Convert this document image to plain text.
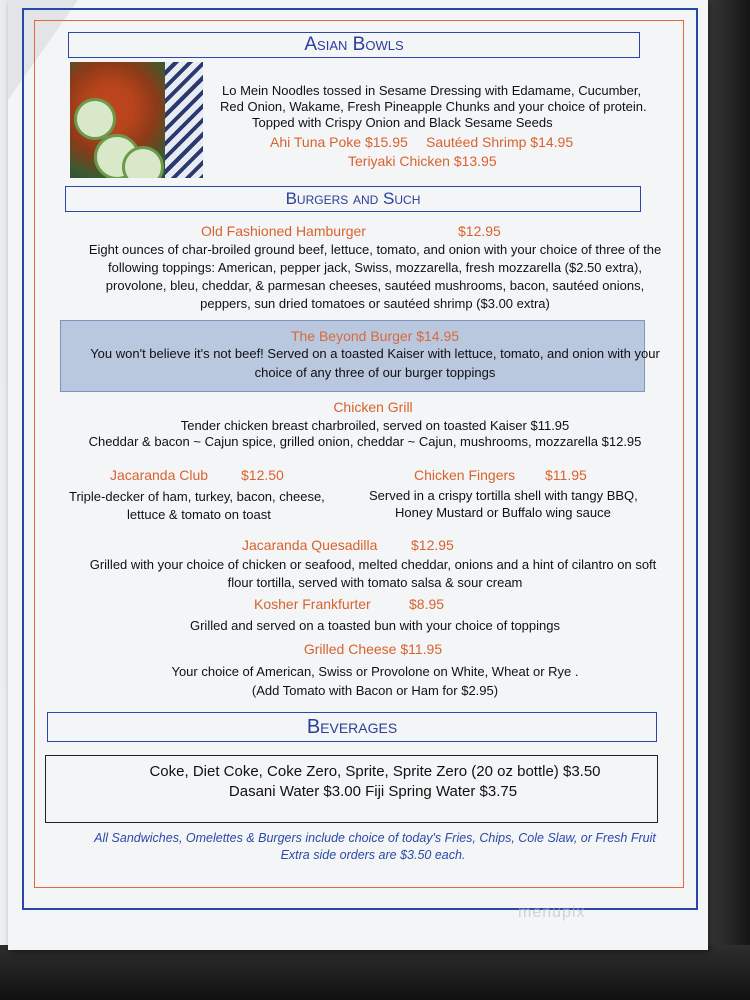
Asian Bowls
Lo Mein Noodles tossed in Sesame Dressing with Edamame, Cucumber,
Red Onion, Wakame, Fresh Pineapple Chunks and your choice of protein.
Topped with Crispy Onion and Black Sesame Seeds
Ahi Tuna Poke $15.95 Sautéed Shrimp $14.95
Teriyaki Chicken $13.95
Burgers and Such
Old Fashioned Hamburger	$12.95
Eight ounces of char-broiled ground beef, lettuce, tomato, and onion with your choice of three of the
following toppings: American, pepper jack, Swiss, mozzarella, fresh mozzarella ($2.50 extra),
provolone, bleu, cheddar, & parmesan cheeses, sautéed mushrooms, bacon, sautéed onions,
peppers, sun dried tomatoes or sautéed shrimp ($3.00 extra)
The Beyond Burger $14.95
You won't believe it's not beef! Served on a toasted Kaiser with lettuce, tomato, and onion with your
choice of any three of our burger toppings
Chicken Grill
Tender chicken breast charbroiled, served on toasted Kaiser $11.95
Cheddar & bacon ~ Cajun spice, grilled onion, cheddar ~ Cajun, mushrooms, mozzarella $12.95
Jacaranda Club $12.50
Triple-decker of ham, turkey, bacon, cheese,
lettuce & tomato on toast
Chicken Fingers $11.95
Served in a crispy tortilla shell with tangy BBQ,
Honey Mustard or Buffalo wing sauce
Jacaranda Quesadilla $12.95
Grilled with your choice of chicken or seafood, melted cheddar, onions and a hint of cilantro on soft
flour tortilla, served with tomato salsa & sour cream
Kosher Frankfurter	$8.95
Grilled and served on a toasted bun with your choice of toppings
Grilled Cheese $11.95
Your choice of American, Swiss or Provolone on White, Wheat or Rye .
(Add Tomato with Bacon or Ham for $2.95)
Beverages
Coke, Diet Coke, Coke Zero, Sprite, Sprite Zero (20 oz bottle) $3.50
Dasani Water $3.00 Fiji Spring Water $3.75
All Sandwiches, Omelettes & Burgers include choice of today's Fries, Chips, Cole Slaw, or Fresh Fruit
Extra side orders are $3.50 each.
menupix
